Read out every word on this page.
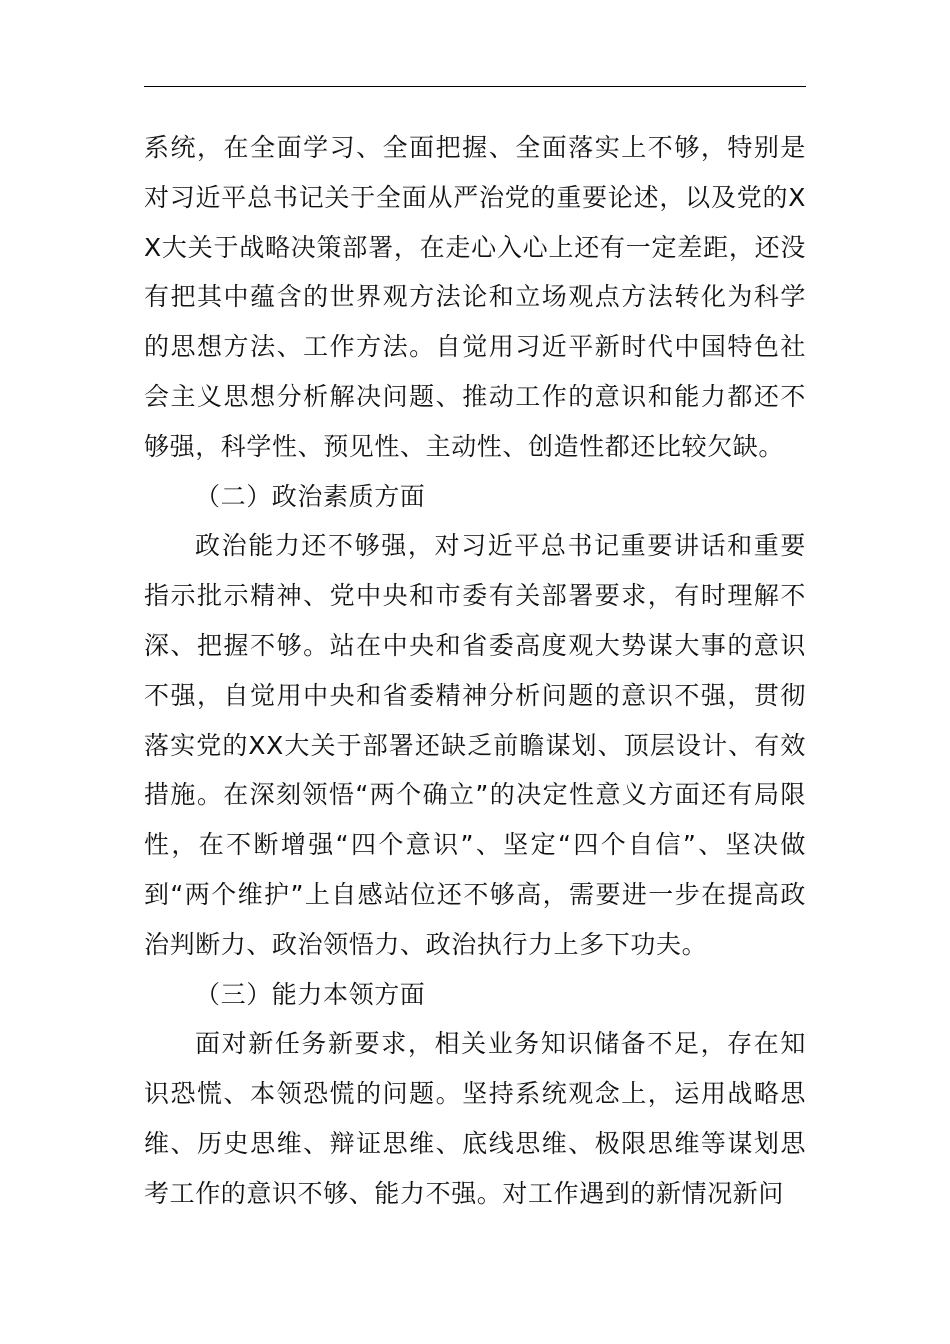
系统，在全面学习、全面把握、全面落实上不够，特别是对习近平总书记关于全面从严治党的重要论述，以及党的XX大关于战略决策部署，在走心入心上还有一定差距，还没有把其中蕴含的世界观方法论和立场观点方法转化为科学的思想方法、工作方法。自觉用习近平新时代中国特色社会主义思想分析解决问题、推动工作的意识和能力都还不够强，科学性、预见性、主动性、创造性都还比较欠缺。

（二）政治素质方面

政治能力还不够强，对习近平总书记重要讲话和重要指示批示精神、党中央和市委有关部署要求，有时理解不深、把握不够。站在中央和省委高度观大势谋大事的意识不强，自觉用中央和省委精神分析问题的意识不强，贯彻落实党的XX大关于部署还缺乏前瞻谋划、顶层设计、有效措施。在深刻领悟“两个确立”的决定性意义方面还有局限性，在不断增强“四个意识”、坚定“四个自信”、坚决做到“两个维护”上自感站位还不够高，需要进一步在提高政治判断力、政治领悟力、政治执行力上多下功夫。

（三）能力本领方面

面对新任务新要求，相关业务知识储备不足，存在知识恐慌、本领恐慌的问题。坚持系统观念上，运用战略思维、历史思维、辩证思维、底线思维、极限思维等谋划思考工作的意识不够、能力不强。对工作遇到的新情况新问
